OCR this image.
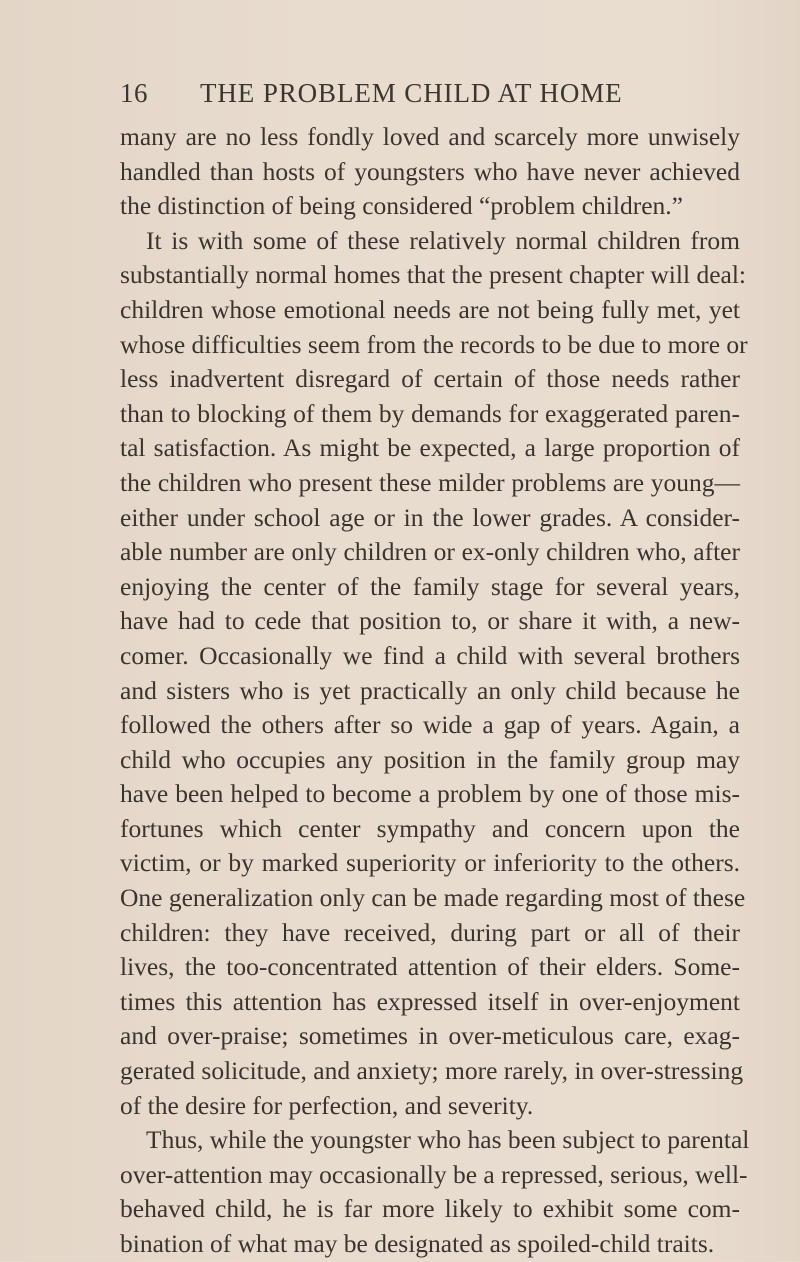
16 THE PROBLEM CHILD AT HOME
many are no less fondly loved and scarcely more unwisely
handled than hosts of youngsters who have never achieved
the distinction of being considered “problem children.”
It is with some of these relatively normal children from
substantially normal homes that the present chapter will deal:
children whose emotional needs are not being fully met, yet
whose difficulties seem from the records to be due to more or
less inadvertent disregard of certain of those needs rather
than to blocking of them by demands for exaggerated paren-
tal satisfaction. As might be expected, a large proportion of
the children who present these milder problems are young—
either under school age or in the lower grades. A consider-
able number are only children or ex-only children who, after
enjoying the center of the family stage for several years,
have had to cede that position to, or share it with, a new-
comer. Occasionally we find a child with several brothers
and sisters who is yet practically an only child because he
followed the others after so wide a gap of years. Again, a
child who occupies any position in the family group may
have been helped to become a problem by one of those mis-
fortunes which center sympathy and concern upon the
victim, or by marked superiority or inferiority to the others.
One generalization only can be made regarding most of these
children: they have received, during part or all of their
lives, the too-concentrated attention of their elders. Some-
times this attention has expressed itself in over-enjoyment
and over-praise; sometimes in over-meticulous care, exag-
gerated solicitude, and anxiety; more rarely, in over-stressing
of the desire for perfection, and severity.
Thus, while the youngster who has been subject to parental
over-attention may occasionally be a repressed, serious, well-
behaved child, he is far more likely to exhibit some com-
bination of what may be designated as spoiled-child traits.
